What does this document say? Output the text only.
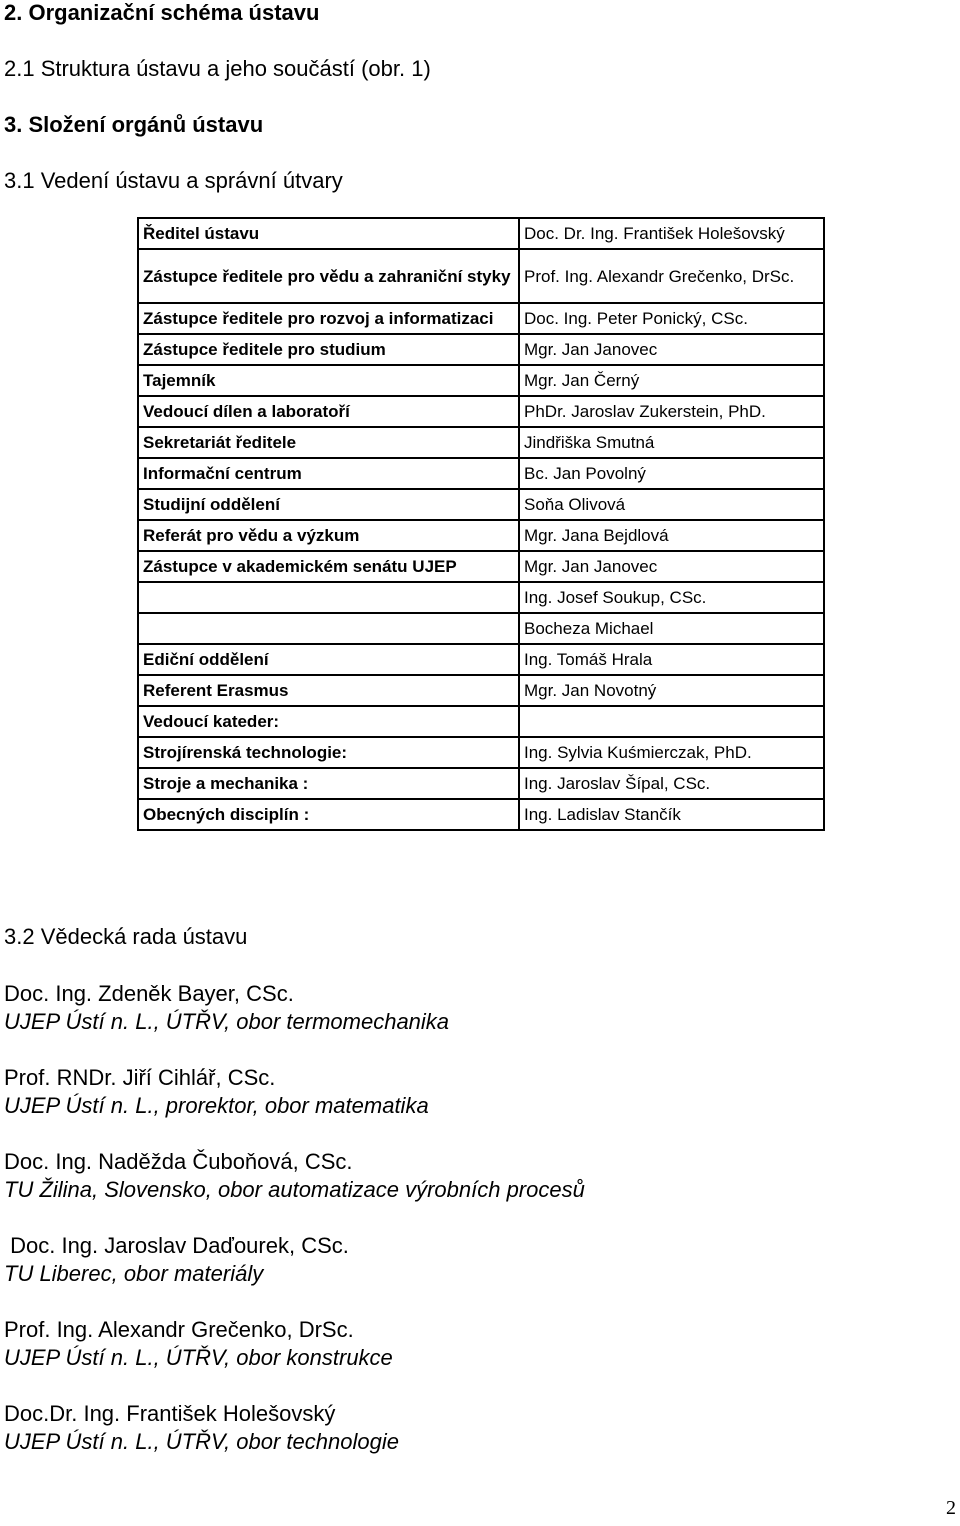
2. Organizační schéma ústavu
2.1 Struktura ústavu a jeho součástí (obr. 1)
3. Složení orgánů ústavu
3.1 Vedení ústavu a správní útvary
Ředitel ústavu	Doc. Dr. Ing. František Holešovský
Zástupce ředitele pro vědu a zahraniční styky	Prof. Ing. Alexandr Grečenko, DrSc.
Zástupce ředitele pro rozvoj a informatizaci	Doc. Ing. Peter Ponický, CSc.
Zástupce ředitele pro studium	Mgr. Jan Janovec
Tajemník	Mgr. Jan Černý
Vedoucí dílen a laboratoří	PhDr. Jaroslav Zukerstein, PhD.
Sekretariát ředitele	Jindřiška Smutná
Informační centrum	Bc. Jan Povolný
Studijní oddělení	Soňa Olivová
Referát pro vědu a výzkum	Mgr. Jana Bejdlová
Zástupce v akademickém senátu UJEP	Mgr. Jan Janovec
	Ing. Josef Soukup, CSc.
	Bocheza Michael
Ediční oddělení	Ing. Tomáš Hrala
Referent Erasmus	Mgr. Jan Novotný
Vedoucí kateder:	
Strojírenská technologie:	Ing. Sylvia Kuśmierczak, PhD.
Stroje a mechanika :	Ing. Jaroslav Šípal, CSc.
Obecných disciplín :	Ing. Ladislav Stančík
3.2 Vědecká rada ústavu
Doc. Ing. Zdeněk Bayer, CSc.
UJEP Ústí n. L., ÚTŘV, obor termomechanika
Prof. RNDr. Jiří Cihlář, CSc.
UJEP Ústí n. L., prorektor, obor matematika
Doc. Ing. Naděžda Čuboňová, CSc.
TU Žilina, Slovensko, obor automatizace výrobních procesů
Doc. Ing. Jaroslav Daďourek, CSc.
TU Liberec, obor materiály
Prof. Ing. Alexandr Grečenko, DrSc.
UJEP Ústí n. L., ÚTŘV, obor konstrukce
Doc.Dr. Ing. František Holešovský
UJEP Ústí n. L., ÚTŘV, obor technologie
2
